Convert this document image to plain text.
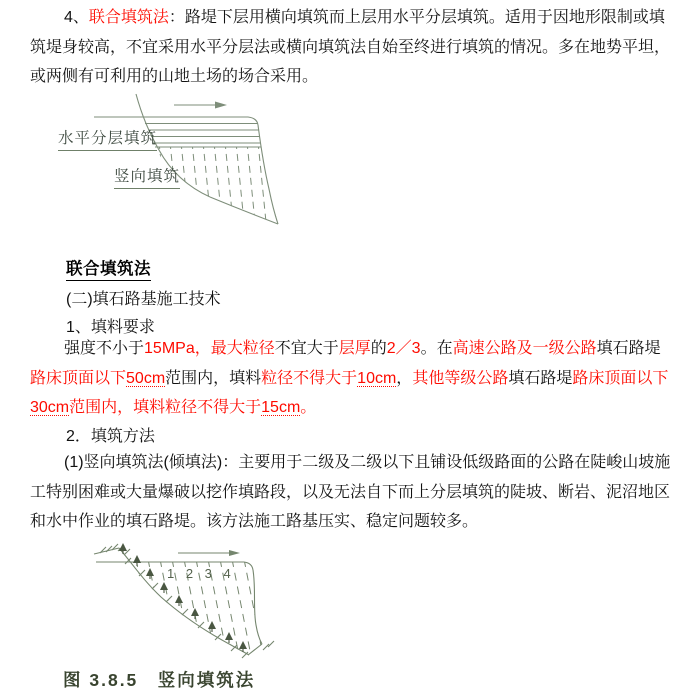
4、联合填筑法：路堤下层用横向填筑而上层用水平分层填筑。适用于因地形限制或填筑堤身较高，不宜采用水平分层法或横向填筑法自始至终进行填筑的情况。多在地势平坦，或两侧有可利用的山地土场的场合采用。
水平分层填筑
竖向填筑
联合填筑法
(二)填石路基施工技术
1、填料要求
强度不小于15MPa，最大粒径不宜大于层厚的2／3。在高速公路及一级公路填石路堤路床顶面以下50cm范围内，填料粒径不得大于10cm，其他等级公路填石路堤路床顶面以下30cm范围内，填料粒径不得大于15cm。
2．填筑方法
(1)竖向填筑法(倾填法)：主要用于二级及二级以下且铺设低级路面的公路在陡峻山坡施工特别困难或大量爆破以挖作填路段，以及无法自下而上分层填筑的陡坡、断岩、泥沼地区和水中作业的填石路堤。该方法施工路基压实、稳定问题较多。
1 2 3 4
图 3.8.5　竖向填筑法
